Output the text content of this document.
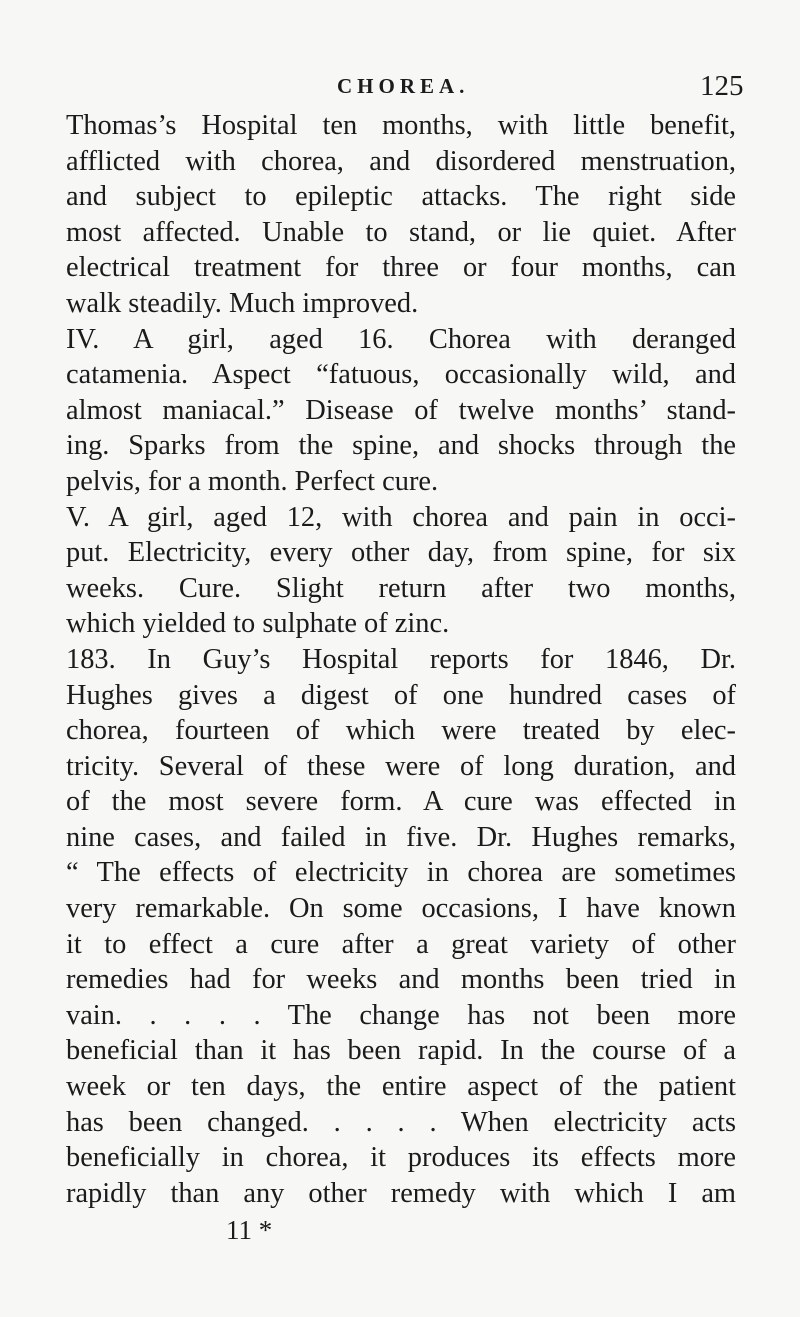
CHOREA.	125
Thomas’s Hospital ten months, with little benefit,
afflicted with chorea, and disordered menstruation,
and subject to epileptic attacks. The right side
most affected. Unable to stand, or lie quiet. After
electrical treatment for three or four months, can
walk steadily. Much improved.
IV. A girl, aged 16. Chorea with deranged
catamenia. Aspect “fatuous, occasionally wild, and
almost maniacal.” Disease of twelve months’ stand-
ing. Sparks from the spine, and shocks through the
pelvis, for a month. Perfect cure.
V. A girl, aged 12, with chorea and pain in occi-
put. Electricity, every other day, from spine, for six
weeks. Cure. Slight return after two months,
which yielded to sulphate of zinc.
183. In Guy’s Hospital reports for 1846, Dr.
Hughes gives a digest of one hundred cases of
chorea, fourteen of which were treated by elec-
tricity. Several of these were of long duration, and
of the most severe form. A cure was effected in
nine cases, and failed in five. Dr. Hughes remarks,
“ The effects of electricity in chorea are sometimes
very remarkable. On some occasions, I have known
it to effect a cure after a great variety of other
remedies had for weeks and months been tried in
vain. . . . . The change has not been more
beneficial than it has been rapid. In the course of a
week or ten days, the entire aspect of the patient
has been changed. . . . . When electricity acts
beneficially in chorea, it produces its effects more
rapidly than any other remedy with which I am
11 *
